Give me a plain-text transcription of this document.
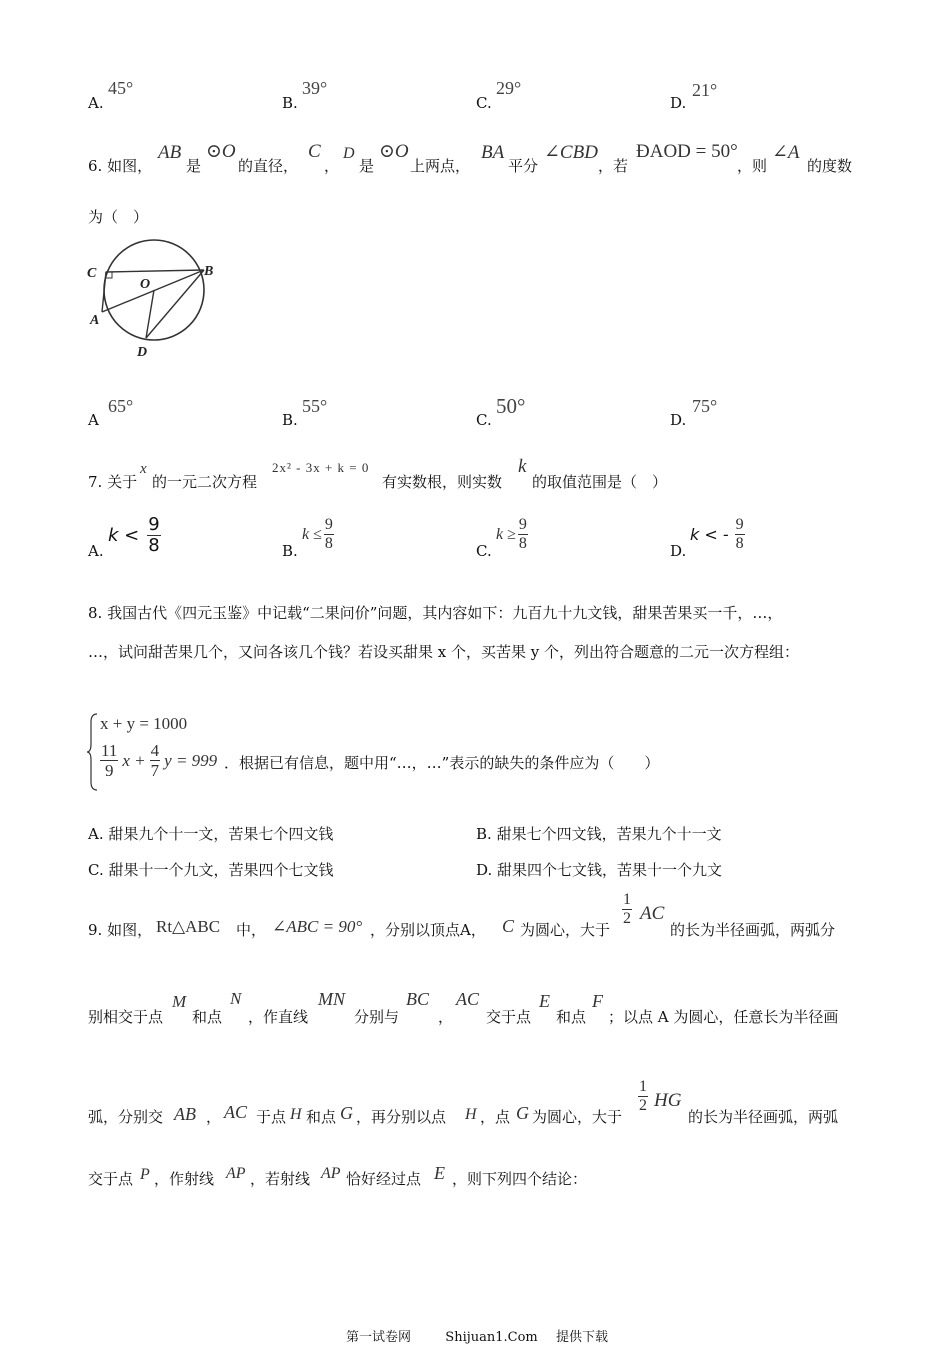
A.
45°
B.
39°
C.
29°
D.
21°
6. 如图，
AB
是
⊙O
的直径，
C
，
D
是
⊙O
上两点，
BA
平分
∠CBD
，若
ÐAOD = 50°
，则
∠A
的度数
为（　）
C
O
B
A
D
A
65°
B.
55°
C.
50°
D.
75°
7. 关于
x
的一元二次方程
2x² - 3x + k = 0
有实数根，则实数
k
的取值范围是（　）
A.
$k < \frac{9}{8}$	B.
$k \le \frac{9}{8}$	C.
$k \ge \frac{9}{8}$	D.
k < - $\frac{9}{8}$
8. 我国古代《四元玉鉴》中记载“二果问价”问题，其内容如下：九百九十九文钱，甜果苦果买一千，…，
…，试问甜苦果几个，又问各该几个钱？若设买甜果 x 个，买苦果 y 个，列出符合题意的二元一次方程组：
x + y = 1000
$\frac{11}{9}$ $x + \frac{4}{7}$ y = 999 ．根据已有信息，题中用“…，…”表示的缺失的条件应为（　　）
A. 甜果九个十一文，苦果七个四文钱	B. 甜果七个四文钱，苦果九个十一文
C. 甜果十一个九文，苦果四个七文钱	D. 甜果四个七文钱，苦果十一个九文
9. 如图， Rt△ABC 中， ∠ABC = 90° ，分别以顶点A， C 为圆心，大于
$\frac{1}{2}$ AC
的长为半径画弧，两弧分
别相交于点
M
和点
N
，作直线
MN
分别与
BC
，
AC
交于点
E
和点
F
；以点 A 为圆心，任意长为半径画
弧，分别交 AB ， AC 于点 H 和点 G ，再分别以点 H ，点 G 为圆心，大于
$\frac{1}{2}$ HG
的长为半径画弧，两弧
交于点 P ，作射线 AP ，若射线 AP 恰好经过点 E ，则下列四个结论：
第一试卷网	Shijuan1.Com 提供下载
